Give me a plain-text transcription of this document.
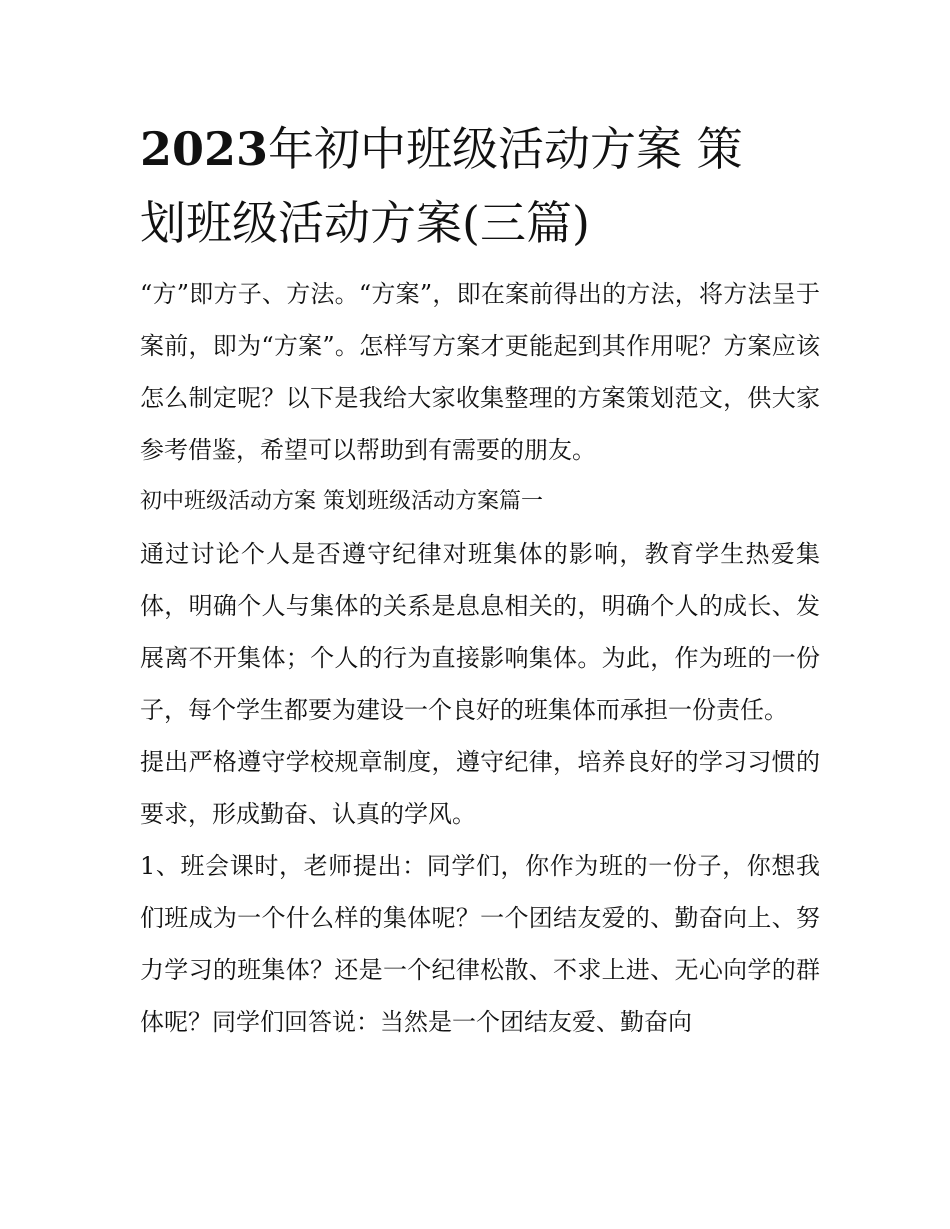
2023年初中班级活动方案 策划班级活动方案(三篇)

“方”即方子、方法。“方案”，即在案前得出的方法，将方法呈于案前，即为“方案”。怎样写方案才更能起到其作用呢？方案应该怎么制定呢？以下是我给大家收集整理的方案策划范文，供大家参考借鉴，希望可以帮助到有需要的朋友。

初中班级活动方案 策划班级活动方案篇一

通过讨论个人是否遵守纪律对班集体的影响，教育学生热爱集体，明确个人与集体的关系是息息相关的，明确个人的成长、发展离不开集体；个人的行为直接影响集体。为此，作为班的一份子，每个学生都要为建设一个良好的班集体而承担一份责任。

提出严格遵守学校规章制度，遵守纪律，培养良好的学习习惯的要求，形成勤奋、认真的学风。

1、班会课时，老师提出：同学们，你作为班的一份子，你想我们班成为一个什么样的集体呢？一个团结友爱的、勤奋向上、努力学习的班集体？还是一个纪律松散、不求上进、无心向学的群体呢？同学们回答说：当然是一个团结友爱、勤奋向
